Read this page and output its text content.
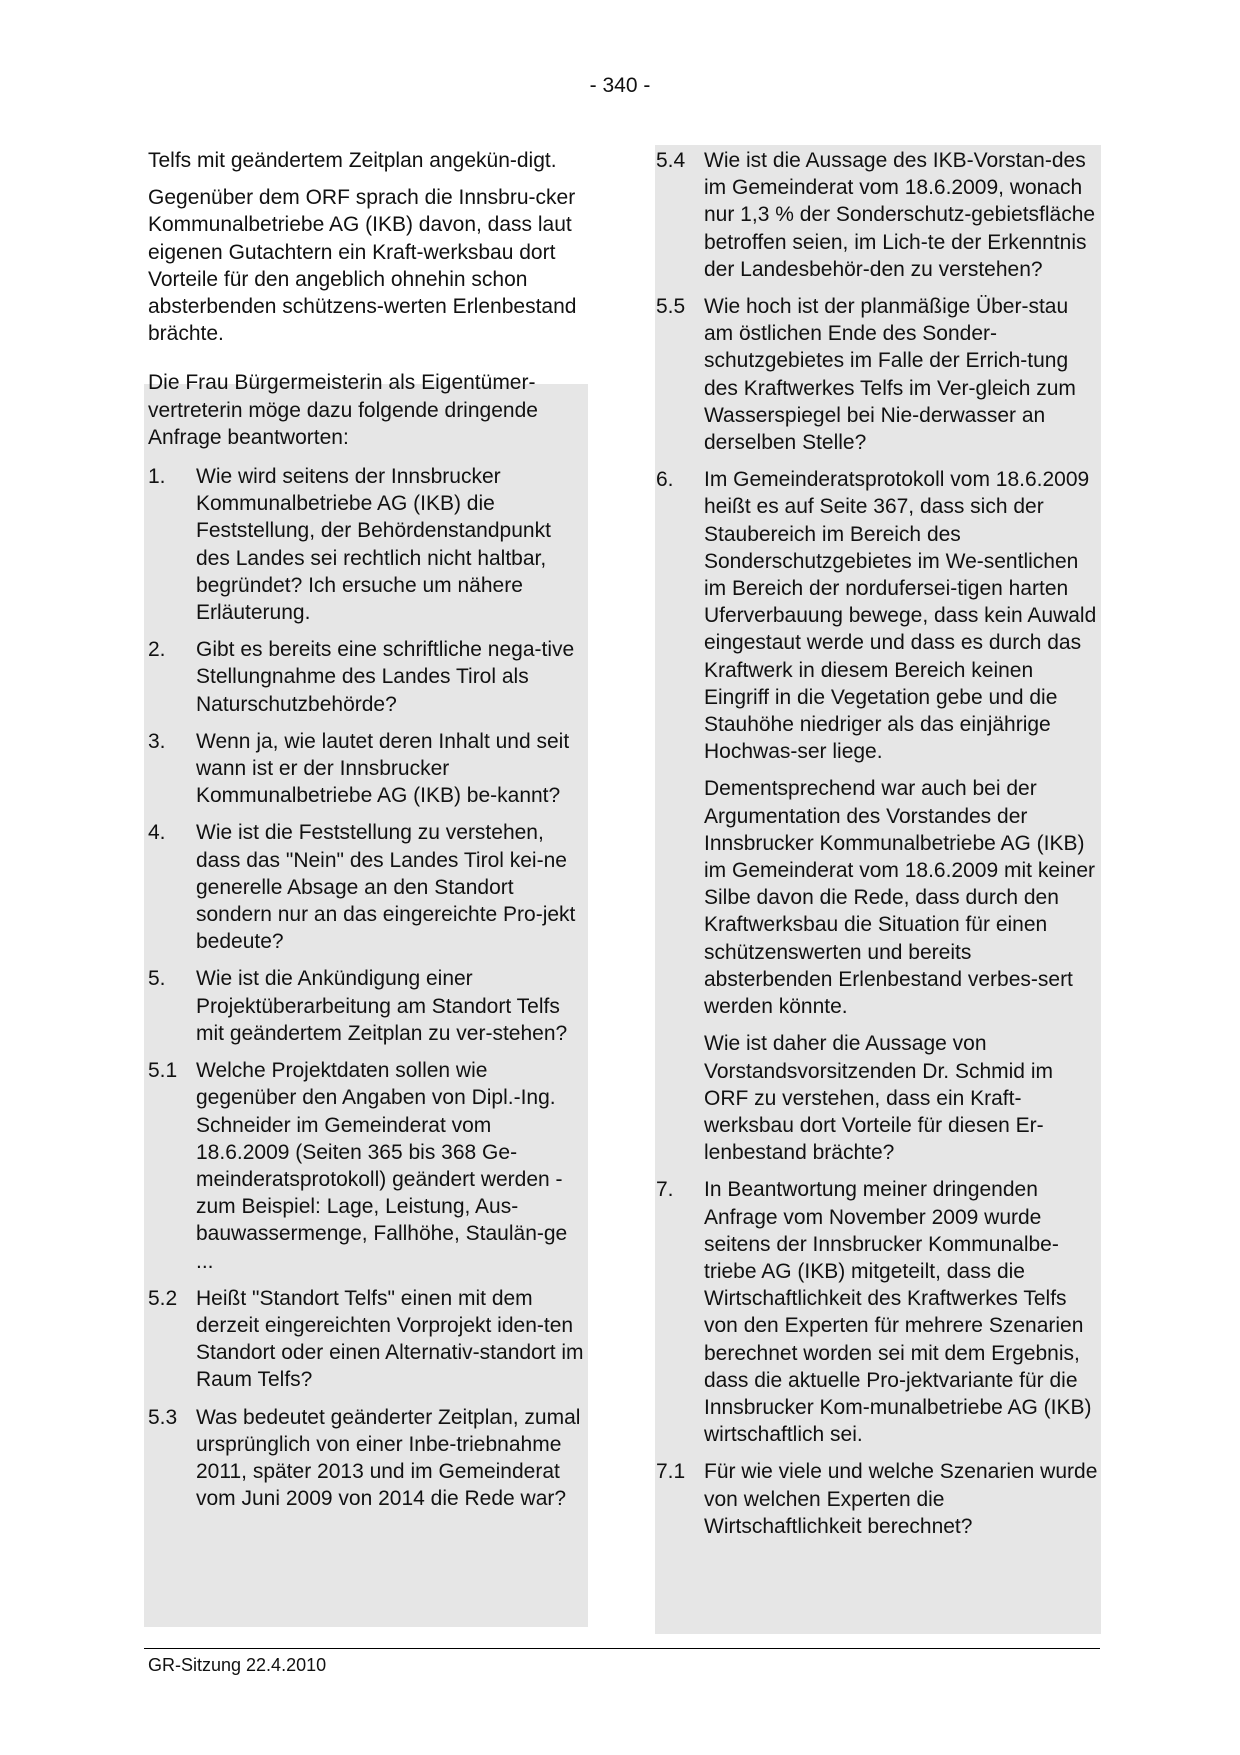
- 340 -

Telfs mit geändertem Zeitplan angekün-digt.

Gegenüber dem ORF sprach die Innsbru-cker Kommunalbetriebe AG (IKB) davon, dass laut eigenen Gutachtern ein Kraft-werksbau dort Vorteile für den angeblich ohnehin schon absterbenden schützens-werten Erlenbestand brächte.

Die Frau Bürgermeisterin als Eigentümer-vertreterin möge dazu folgende dringende Anfrage beantworten:

1.	Wie wird seitens der Innsbrucker Kommunalbetriebe AG (IKB) die Feststellung, der Behördenstandpunkt des Landes sei rechtlich nicht haltbar, begründet? Ich ersuche um nähere Erläuterung.
2.	Gibt es bereits eine schriftliche nega-tive Stellungnahme des Landes Tirol als Naturschutzbehörde?
3.	Wenn ja, wie lautet deren Inhalt und seit wann ist er der Innsbrucker Kommunalbetriebe AG (IKB) be-kannt?
4.	Wie ist die Feststellung zu verstehen, dass das "Nein" des Landes Tirol kei-ne generelle Absage an den Standort sondern nur an das eingereichte Pro-jekt bedeute?
5.	Wie ist die Ankündigung einer Projektüberarbeitung am Standort Telfs mit geändertem Zeitplan zu ver-stehen?
5.1 Welche Projektdaten sollen wie gegenüber den Angaben von Dipl.-Ing. Schneider im Gemeinderat vom 18.6.2009 (Seiten 365 bis 368 Ge-meinderatsprotokoll) geändert werden - zum Beispiel: Lage, Leistung, Aus-bauwassermenge, Fallhöhe, Staulän-ge ...
5.2 Heißt "Standort Telfs" einen mit dem derzeit eingereichten Vorprojekt iden-ten Standort oder einen Alternativ-standort im Raum Telfs?
5.3 Was bedeutet geänderter Zeitplan, zumal ursprünglich von einer Inbe-triebnahme 2011, später 2013 und im Gemeinderat vom Juni 2009 von 2014 die Rede war?
5.4 Wie ist die Aussage des IKB-Vorstan-des im Gemeinderat vom 18.6.2009, wonach nur 1,3 % der Sonderschutz-gebietsfläche betroffen seien, im Lich-te der Erkenntnis der Landesbehör-den zu verstehen?
5.5 Wie hoch ist der planmäßige Über-stau am östlichen Ende des Sonder-schutzgebietes im Falle der Errich-tung des Kraftwerkes Telfs im Ver-gleich zum Wasserspiegel bei Nie-derwasser an derselben Stelle?
6.	Im Gemeinderatsprotokoll vom 18.6.2009 heißt es auf Seite 367, dass sich der Staubereich im Bereich des Sonderschutzgebietes im We-sentlichen im Bereich der nordufersei-tigen harten Uferverbauung bewege, dass kein Auwald eingestaut werde und dass es durch das Kraftwerk in diesem Bereich keinen Eingriff in die Vegetation gebe und die Stauhöhe niedriger als das einjährige Hochwas-ser liege.
Dementsprechend war auch bei der Argumentation des Vorstandes der Innsbrucker Kommunalbetriebe AG (IKB) im Gemeinderat vom 18.6.2009 mit keiner Silbe davon die Rede, dass durch den Kraftwerksbau die Situation für einen schützenswerten und bereits absterbenden Erlenbestand verbes-sert werden könnte.
Wie ist daher die Aussage von Vorstandsvorsitzenden Dr. Schmid im ORF zu verstehen, dass ein Kraft-werksbau dort Vorteile für diesen Er-lenbestand brächte?
7.	In Beantwortung meiner dringenden Anfrage vom November 2009 wurde seitens der Innsbrucker Kommunalbe-triebe AG (IKB) mitgeteilt, dass die Wirtschaftlichkeit des Kraftwerkes Telfs von den Experten für mehrere Szenarien berechnet worden sei mit dem Ergebnis, dass die aktuelle Pro-jektvariante für die Innsbrucker Kom-munalbetriebe AG (IKB) wirtschaftlich sei.
7.1 Für wie viele und welche Szenarien wurde von welchen Experten die Wirtschaftlichkeit berechnet?
GR-Sitzung 22.4.2010
